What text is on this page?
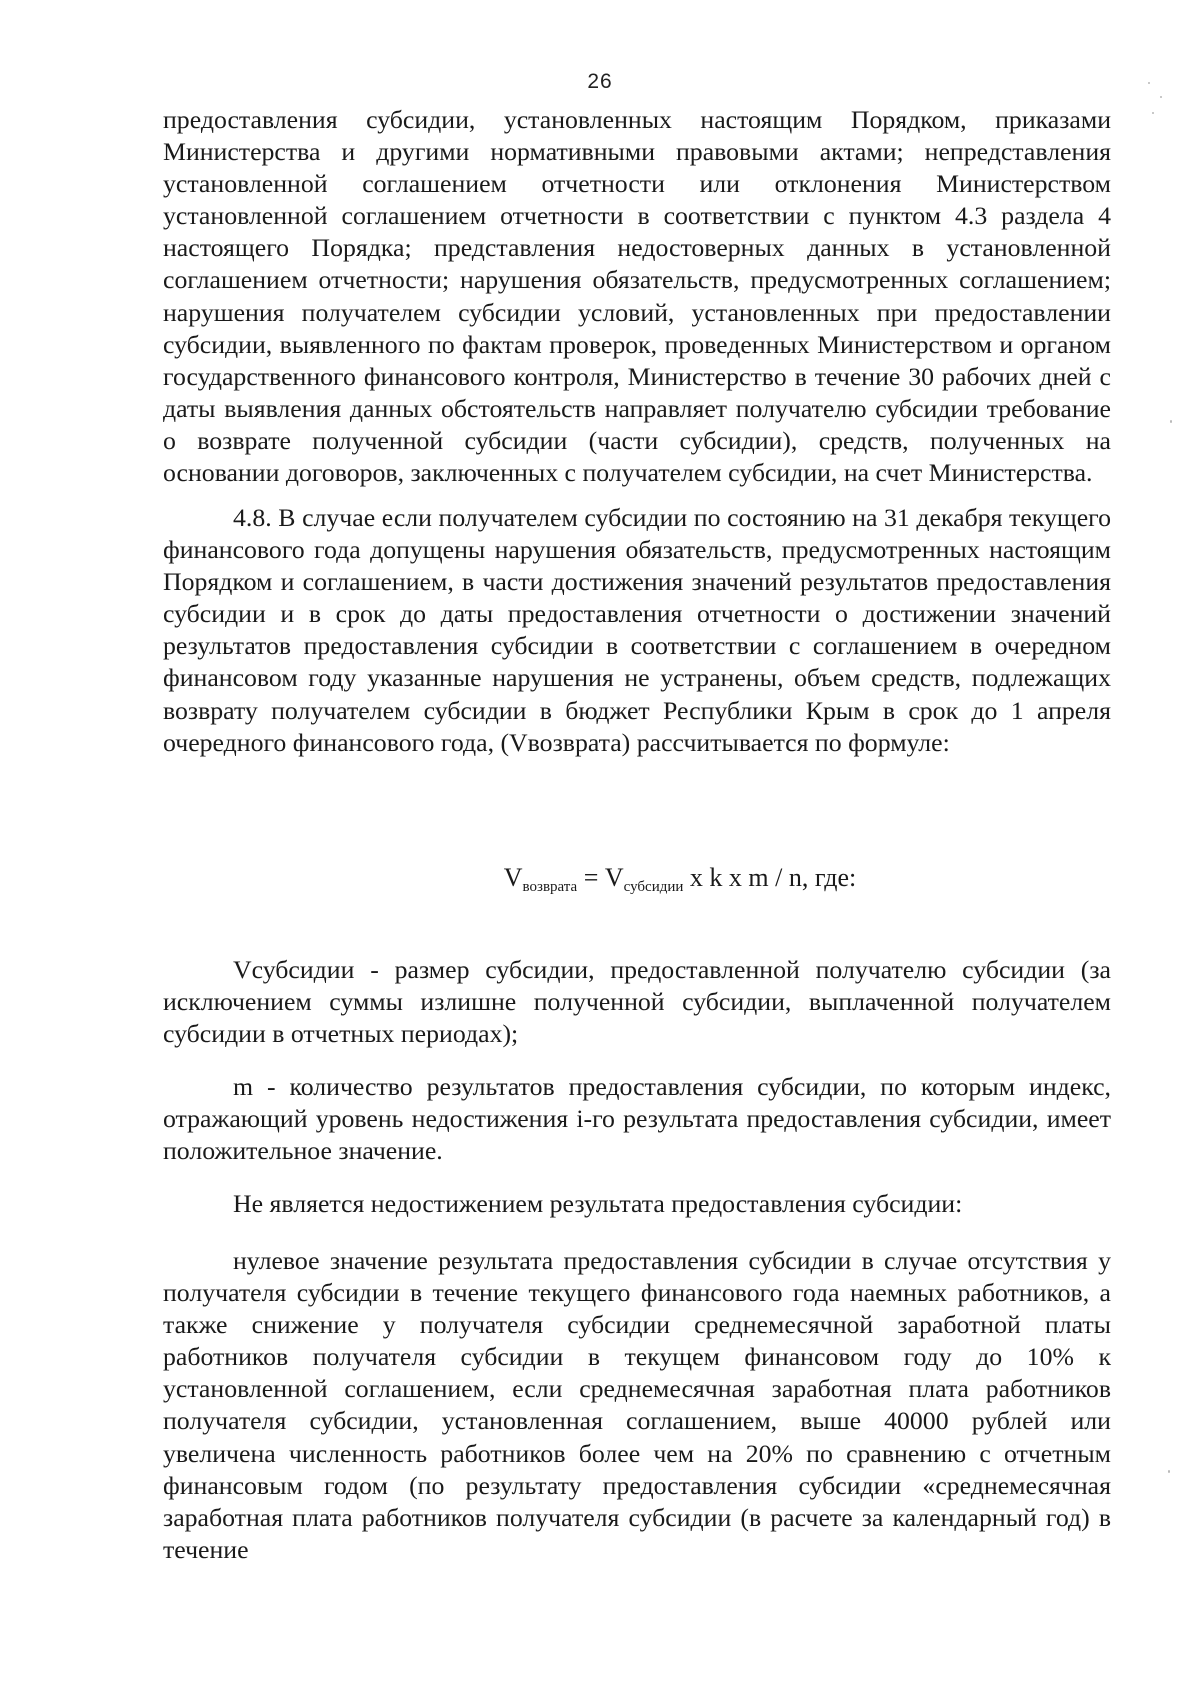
26

предоставления субсидии, установленных настоящим Порядком, приказами Министерства и другими нормативными правовыми актами; непредставления установленной соглашением отчетности или отклонения Министерством установленной соглашением отчетности в соответствии с пунктом 4.3 раздела 4 настоящего Порядка; представления недостоверных данных в установленной соглашением отчетности; нарушения обязательств, предусмотренных соглашением; нарушения получателем субсидии условий, установленных при предоставлении субсидии, выявленного по фактам проверок, проведенных Министерством и органом государственного финансового контроля, Министерство в течение 30 рабочих дней с даты выявления данных обстоятельств направляет получателю субсидии требование о возврате полученной субсидии (части субсидии), средств, полученных на основании договоров, заключенных с получателем субсидии, на счет Министерства.

4.8. В случае если получателем субсидии по состоянию на 31 декабря текущего финансового года допущены нарушения обязательств, предусмотренных настоящим Порядком и соглашением, в части достижения значений результатов предоставления субсидии и в срок до даты предоставления отчетности о достижении значений результатов предоставления субсидии в соответствии с соглашением в очередном финансовом году указанные нарушения не устранены, объем средств, подлежащих возврату получателем субсидии в бюджет Республики Крым в срок до 1 апреля очередного финансового года, (Vвозврата) рассчитывается по формуле:

$V_{возврата} = V_{субсидии}$ x k x m / n, где:

Vсубсидии - размер субсидии, предоставленной получателю субсидии (за исключением суммы излишне полученной субсидии, выплаченной получателем субсидии в отчетных периодах);

m - количество результатов предоставления субсидии, по которым индекс, отражающий уровень недостижения i-го результата предоставления субсидии, имеет положительное значение.

Не является недостижением результата предоставления субсидии:

нулевое значение результата предоставления субсидии в случае отсутствия у получателя субсидии в течение текущего финансового года наемных работников, а также снижение у получателя субсидии среднемесячной заработной платы работников получателя субсидии в текущем финансовом году до 10% к установленной соглашением, если среднемесячная заработная плата работников получателя субсидии, установленная соглашением, выше 40000 рублей или увеличена численность работников более чем на 20% по сравнению с отчетным финансовым годом (по результату предоставления субсидии «среднемесячная заработная плата работников получателя субсидии (в расчете за календарный год) в течение
